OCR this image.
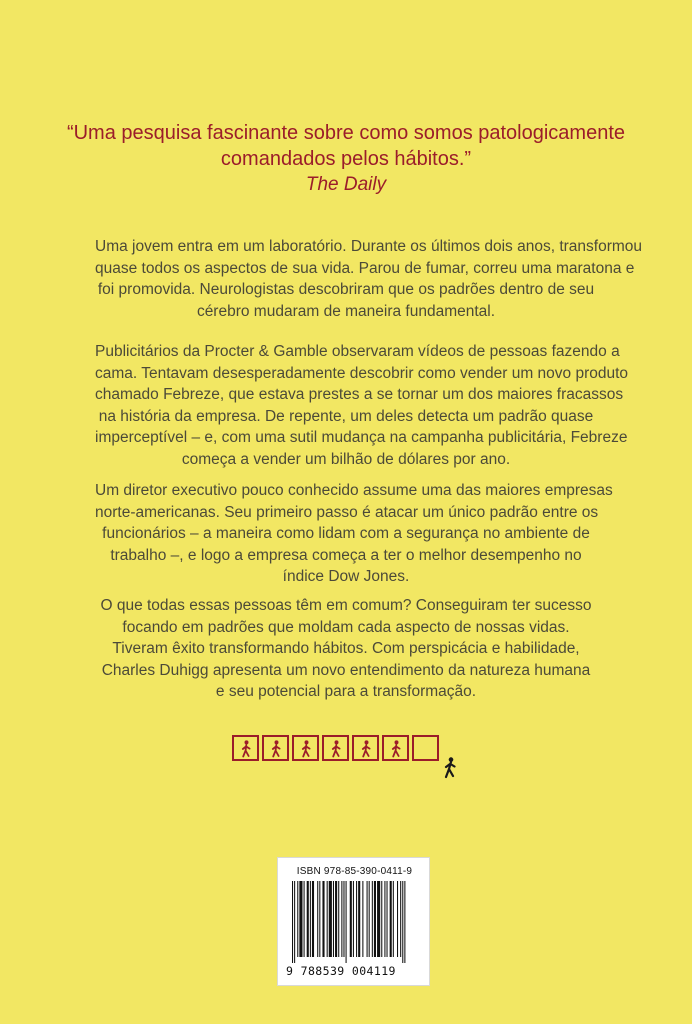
“Uma pesquisa fascinante sobre como somos patologicamente
comandados pelos hábitos.”
The Daily
Uma jovem entra em um laboratório. Durante os últimos dois anos, transformou
quase todos os aspectos de sua vida. Parou de fumar, correu uma maratona e
foi promovida. Neurologistas descobriram que os padrões dentro de seu
cérebro mudaram de maneira fundamental.
Publicitários da Procter & Gamble observaram vídeos de pessoas fazendo a
cama. Tentavam desesperadamente descobrir como vender um novo produto
chamado Febreze, que estava prestes a se tornar um dos maiores fracassos
na história da empresa. De repente, um deles detecta um padrão quase
imperceptível – e, com uma sutil mudança na campanha publicitária, Febreze
começa a vender um bilhão de dólares por ano.
Um diretor executivo pouco conhecido assume uma das maiores empresas
norte-americanas. Seu primeiro passo é atacar um único padrão entre os
funcionários – a maneira como lidam com a segurança no ambiente de
trabalho –, e logo a empresa começa a ter o melhor desempenho no
índice Dow Jones.
O que todas essas pessoas têm em comum? Conseguiram ter sucesso
focando em padrões que moldam cada aspecto de nossas vidas.
Tiveram êxito transformando hábitos. Com perspicácia e habilidade,
Charles Duhigg apresenta um novo entendimento da natureza humana
e seu potencial para a transformação.
ISBN 978-85-390-0411-9
9 788539 004119
